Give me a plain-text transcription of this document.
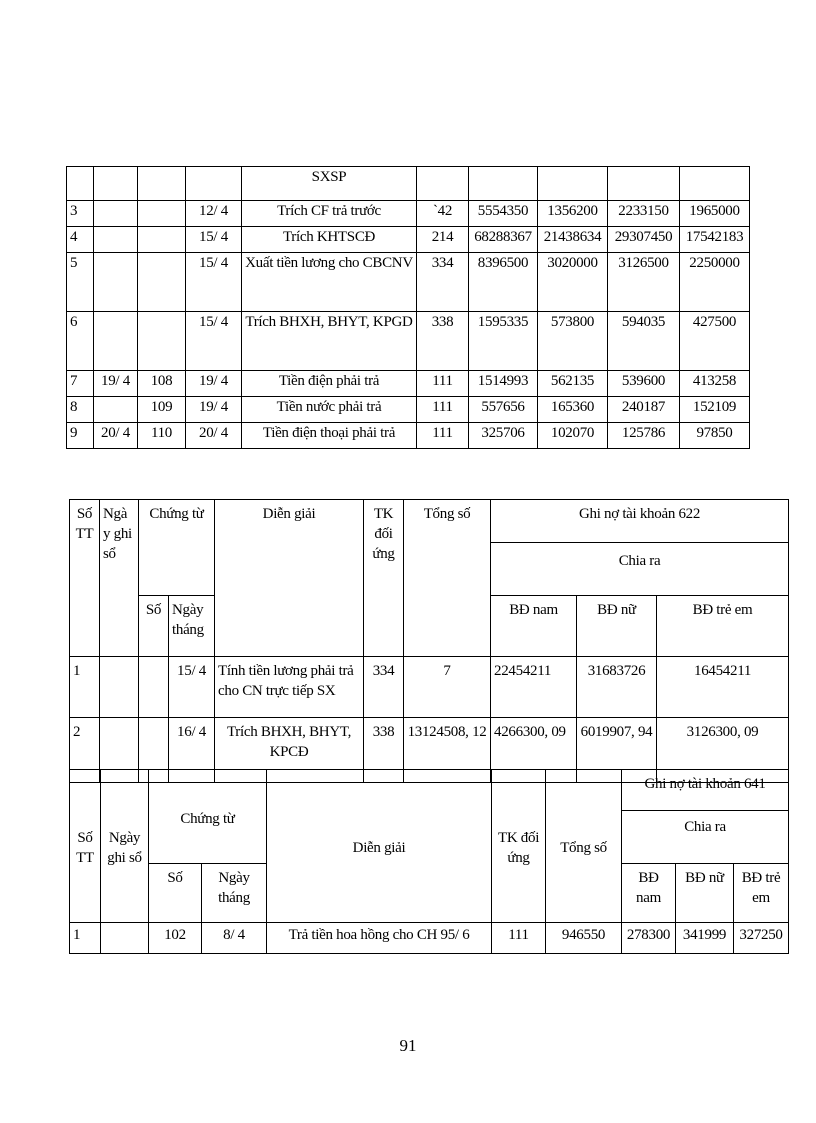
				SXSP					
3			12/ 4	Trích CF trả trước	`42	5554350	1356200	2233150	1965000
4			15/ 4	Trích KHTSCĐ	214	68288367	21438634	29307450	17542183
5			15/ 4	Xuất tiền lương cho CBCNV	334	8396500	3020000	3126500	2250000
6			15/ 4	Trích BHXH, BHYT, KPGD	338	1595335	573800	594035	427500
7	19/ 4	108	19/ 4	Tiền điện phải trả	111	1514993	562135	539600	413258
8		109	19/ 4	Tiền nước phải trả	111	557656	165360	240187	152109
9	20/ 4	110	20/ 4	Tiền điện thoại phải trả	111	325706	102070	125786	97850
Số TT	Ngà y ghi sổ	Chứng từ		Diễn giải	TK đối ứng	Tổng số	Ghi nợ tài khoản 622		
							Chia ra		
		Số	Ngày tháng				BĐ nam	BĐ nữ	BĐ trẻ em
1			15/ 4	Tính tiền lương phải trả cho CN trực tiếp SX	334	7	22454211	31683726	16454211
2			16/ 4	Trích BHXH, BHYT, KPCĐ	338	13124508, 12	4266300, 09	6019907, 94	3126300, 09
Số TT	Ngày ghi sổ	Chứng từ		Diễn giải	TK đối ứng	Tổng số	Ghi nợ tài khoản 641		
							Chia ra		
		Số	Ngày tháng				BĐ nam	BĐ nữ	BĐ trẻ em
1		102	8/ 4	Trả tiền hoa hồng cho CH 95/ 6	111	946550	278300	341999	327250
91
